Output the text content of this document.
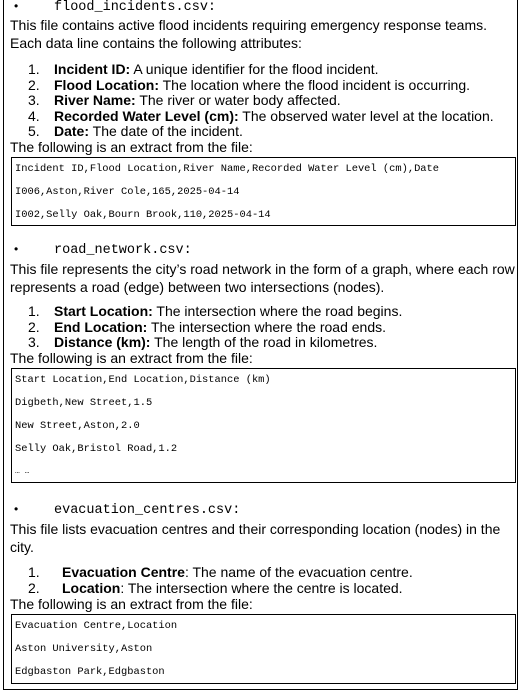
•	flood_incidents.csv:
This file contains active flood incidents requiring emergency response teams. Each data line contains the following attributes:
1. Incident ID: A unique identifier for the flood incident.
2. Flood Location: The location where the flood incident is occurring.
3. River Name: The river or water body affected.
4. Recorded Water Level (cm): The observed water level at the location.
5. Date: The date of the incident.
The following is an extract from the file:
Incident ID,Flood Location,River Name,Recorded Water Level (cm),Date
I006,Aston,River Cole,165,2025-04-14
I002,Selly Oak,Bourn Brook,110,2025-04-14
•	road_network.csv:
This file represents the city’s road network in the form of a graph, where each row represents a road (edge) between two intersections (nodes).
1. Start Location: The intersection where the road begins.
2. End Location: The intersection where the road ends.
3. Distance (km): The length of the road in kilometres.
The following is an extract from the file:
Start Location,End Location,Distance (km)
Digbeth,New Street,1.5
New Street,Aston,2.0
Selly Oak,Bristol Road,1.2
… …
•	evacuation_centres.csv:
This file lists evacuation centres and their corresponding location (nodes) in the city.
1. Evacuation Centre: The name of the evacuation centre.
2. Location: The intersection where the centre is located.
The following is an extract from the file:
Evacuation Centre,Location
Aston University,Aston
Edgbaston Park,Edgbaston
